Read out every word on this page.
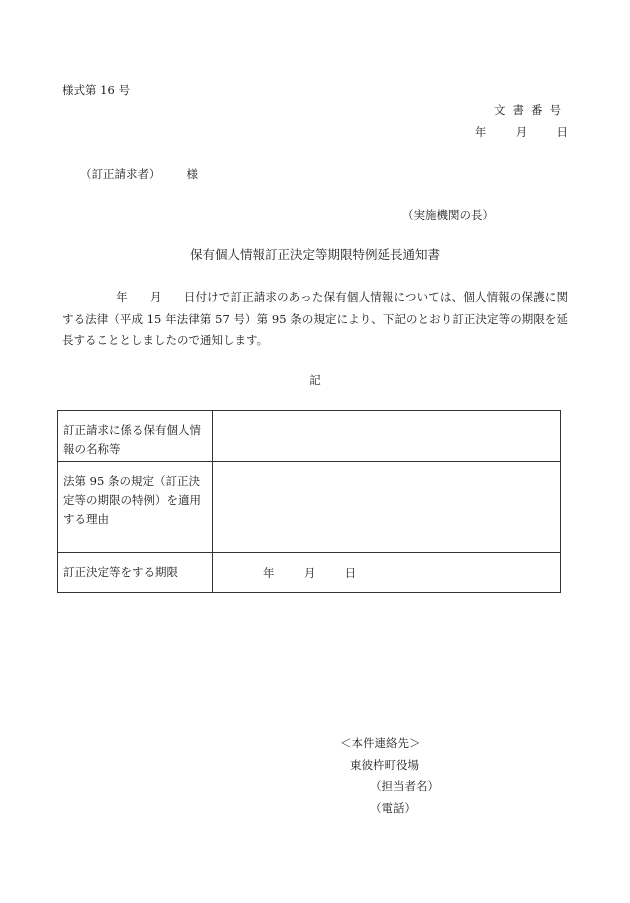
様式第 16 号
文書番号
年	月	日
（訂正請求者） 様
（実施機関の長）
保有個人情報訂正決定等期限特例延長通知書
年 月 日付けで訂正請求のあった保有個人情報については、個人情報の保護に関する法律（平成 15 年法律第 57 号）第 95 条の規定により、下記のとおり訂正決定等の期限を延長することとしましたので通知します。
記
訂正請求に係る保有個人情報の名称等	
法第 95 条の規定（訂正決定等の期限の特例）を適用する理由	
訂正決定等をする期限	年 月 日
＜本件連絡先＞
東彼杵町役場
（担当者名）
（電話）
